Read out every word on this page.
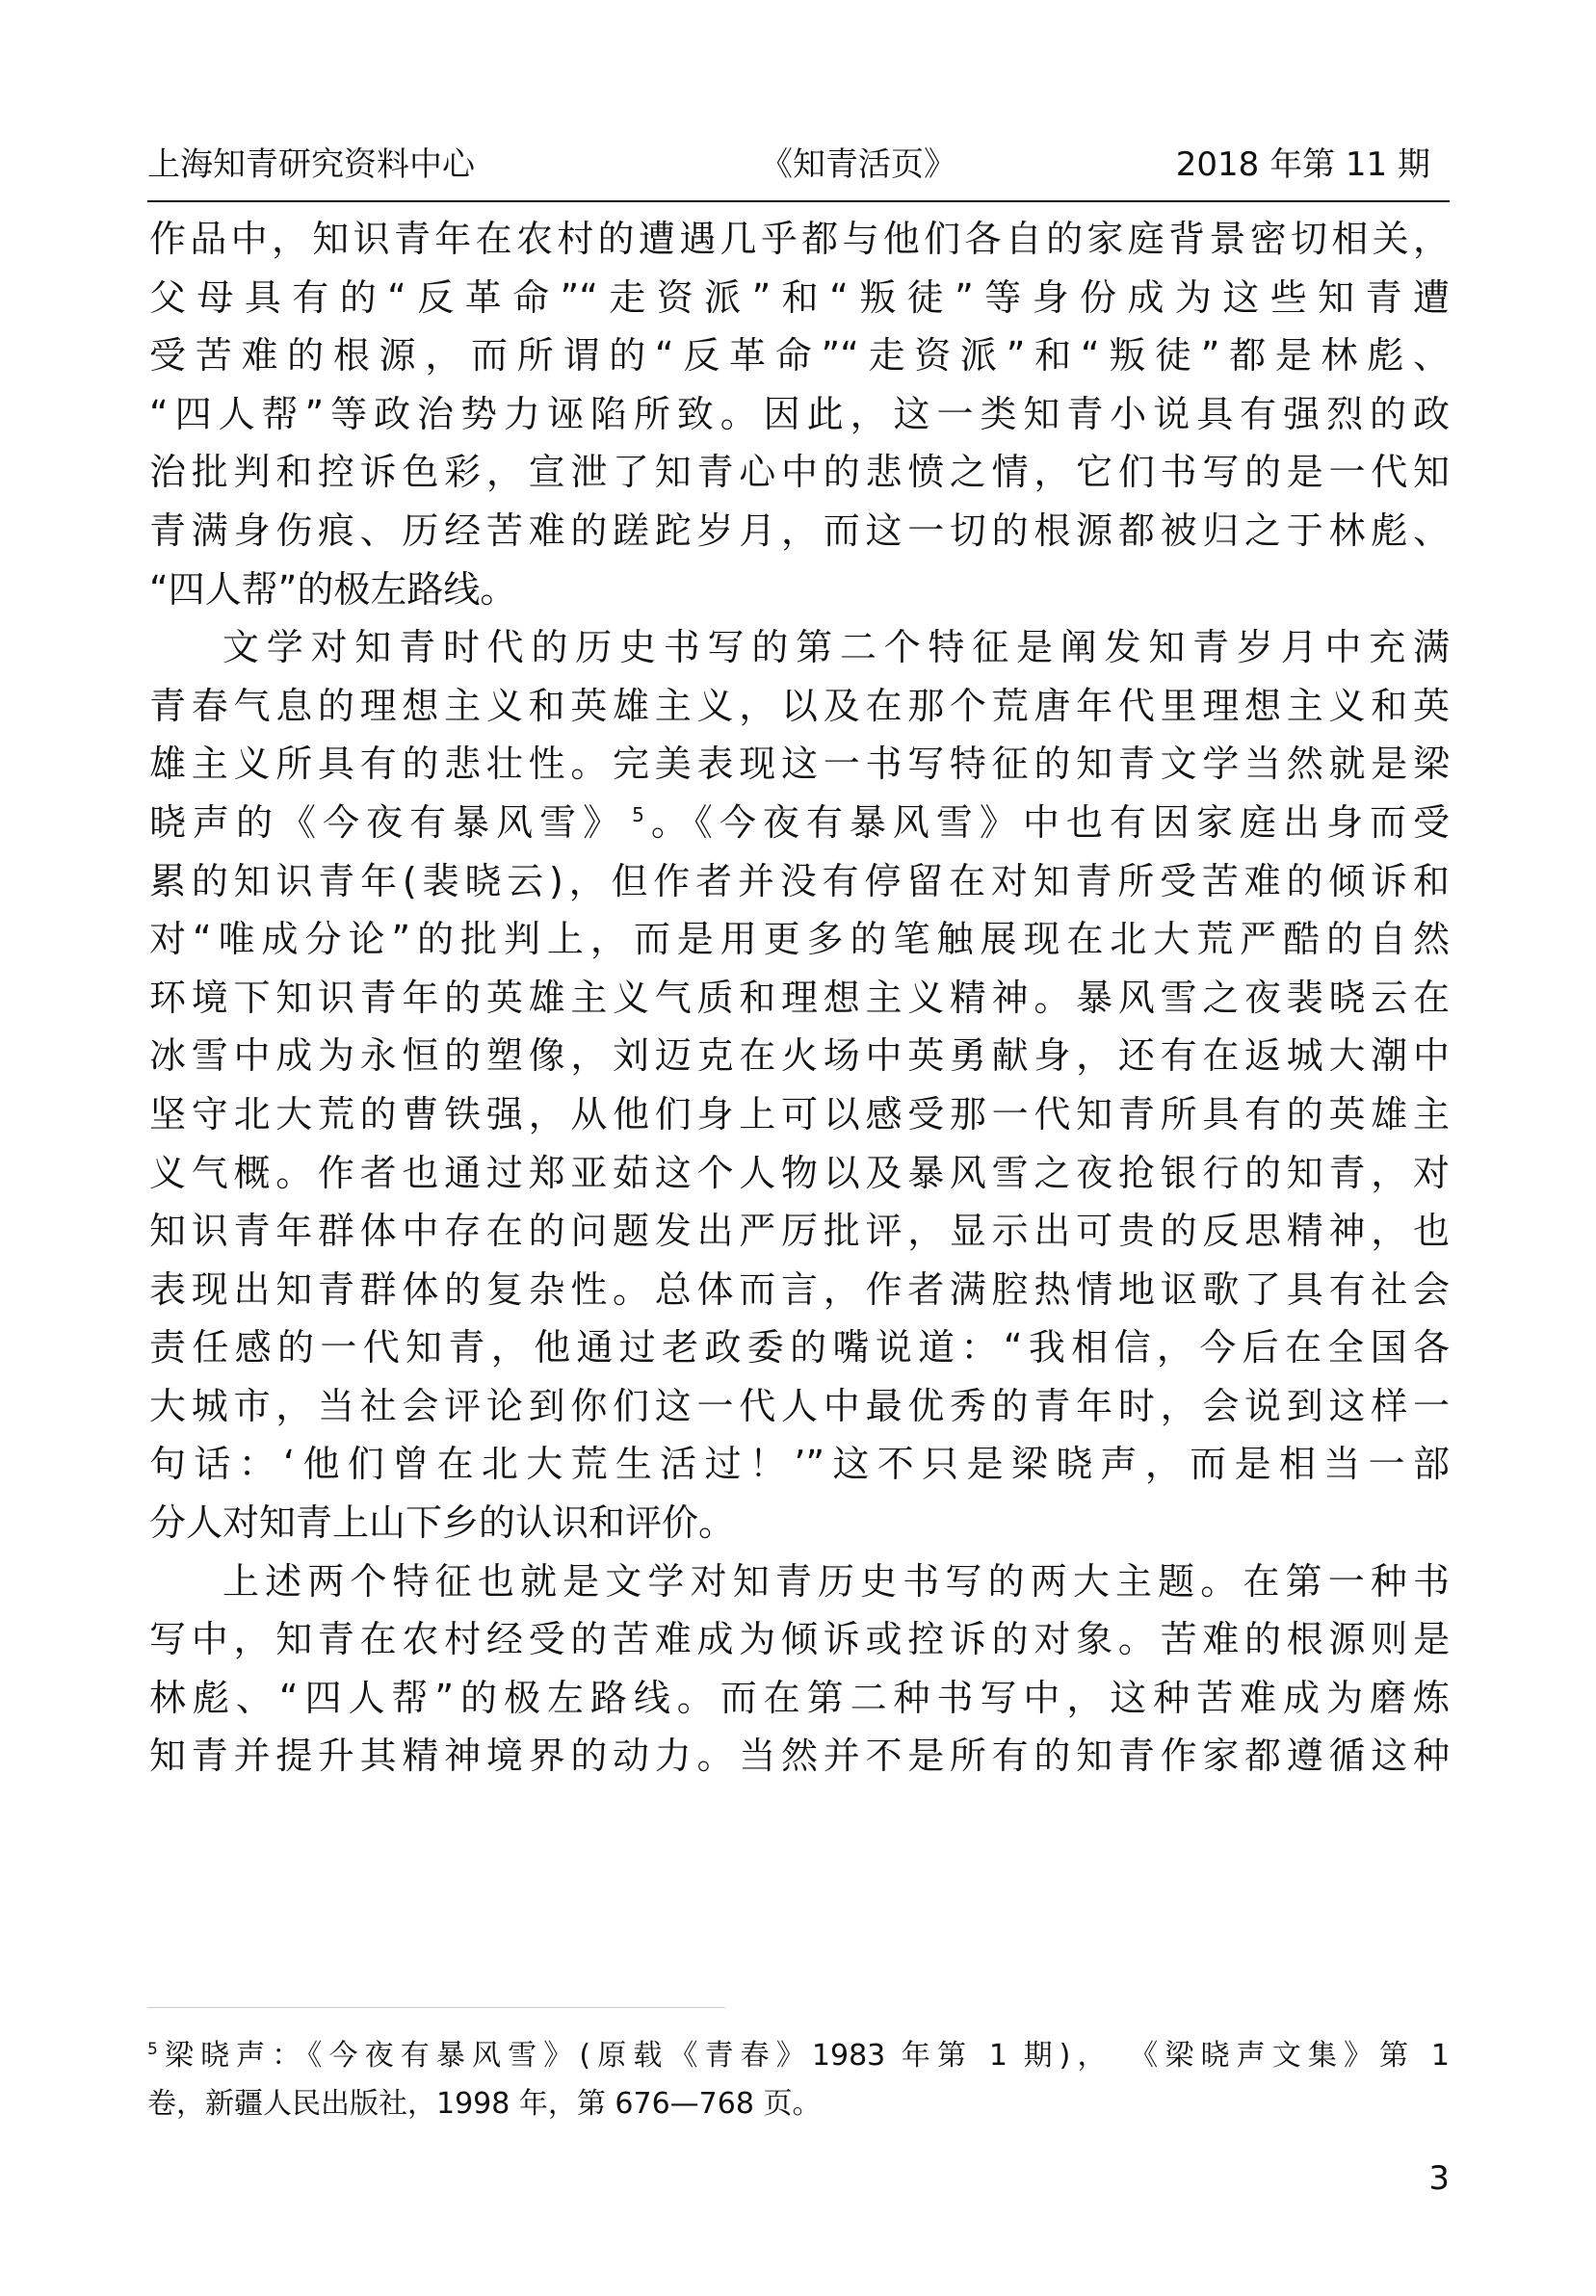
上海知青研究资料中心	《知青活页》	2018 年第 11 期
作品中，知识青年在农村的遭遇几乎都与他们各自的家庭背景密切相关，
父母具有的“反革命”“走资派”和“叛徒”等身份成为这些知青遭
受苦难的根源，而所谓的“反革命”“走资派”和“叛徒”都是林彪、
“四人帮”等政治势力诬陷所致。因此，这一类知青小说具有强烈的政
治批判和控诉色彩，宣泄了知青心中的悲愤之情，它们书写的是一代知
青满身伤痕、历经苦难的蹉跎岁月，而这一切的根源都被归之于林彪、
“四人帮”的极左路线。
文学对知青时代的历史书写的第二个特征是阐发知青岁月中充满
青春气息的理想主义和英雄主义，以及在那个荒唐年代里理想主义和英
雄主义所具有的悲壮性。完美表现这一书写特征的知青文学当然就是梁
晓声的《今夜有暴风雪》 $^5$。《今夜有暴风雪》中也有因家庭出身而受
累的知识青年(裴晓云)，但作者并没有停留在对知青所受苦难的倾诉和
对“唯成分论”的批判上，而是用更多的笔触展现在北大荒严酷的自然
环境下知识青年的英雄主义气质和理想主义精神。暴风雪之夜裴晓云在
冰雪中成为永恒的塑像，刘迈克在火场中英勇献身，还有在返城大潮中
坚守北大荒的曹铁强，从他们身上可以感受那一代知青所具有的英雄主
义气概。作者也通过郑亚茹这个人物以及暴风雪之夜抢银行的知青，对
知识青年群体中存在的问题发出严厉批评，显示出可贵的反思精神，也
表现出知青群体的复杂性。总体而言，作者满腔热情地讴歌了具有社会
责任感的一代知青，他通过老政委的嘴说道：“我相信，今后在全国各
大城市，当社会评论到你们这一代人中最优秀的青年时，会说到这样一
句话：‘他们曾在北大荒生活过！’”这不只是梁晓声，而是相当一部
分人对知青上山下乡的认识和评价。
上述两个特征也就是文学对知青历史书写的两大主题。在第一种书
写中，知青在农村经受的苦难成为倾诉或控诉的对象。苦难的根源则是
林彪、“四人帮”的极左路线。而在第二种书写中，这种苦难成为磨炼
知青并提升其精神境界的动力。当然并不是所有的知青作家都遵循这种
$^5$梁晓声：《今夜有暴风雪》(原载《青春》1983 年第 1 期)， 《梁晓声文集》第 1
卷，新疆人民出版社，1998 年，第 676—768 页。
3
